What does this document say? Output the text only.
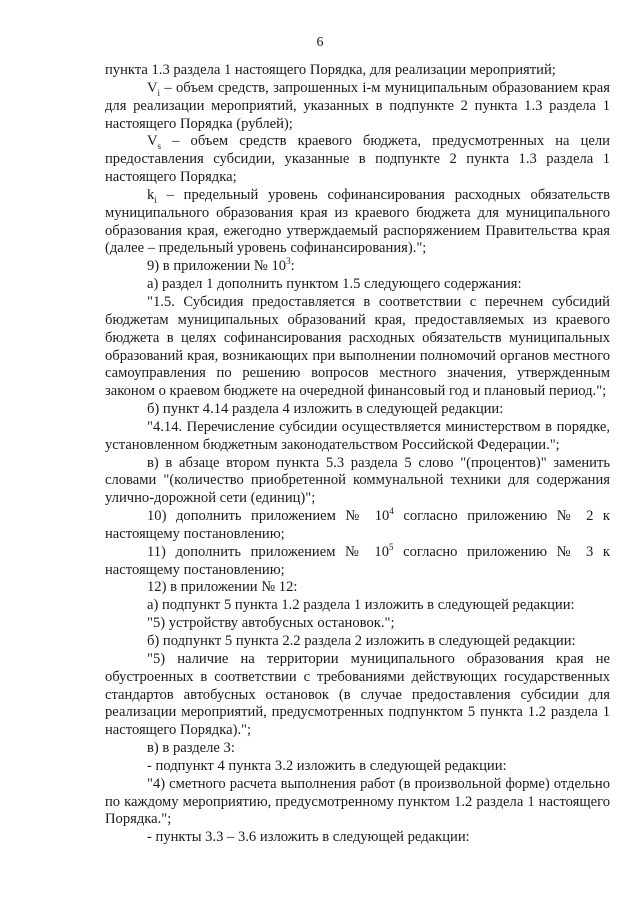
6

пункта 1.3 раздела 1 настоящего Порядка, для реализации мероприятий;

$V_i$ – объем средств, запрошенных i-м муниципальным образованием края для реализации мероприятий, указанных в подпункте 2 пункта 1.3 раздела 1 настоящего Порядка (рублей);

$V_s$ – объем средств краевого бюджета, предусмотренных на цели предоставления субсидии, указанные в подпункте 2 пункта 1.3 раздела 1 настоящего Порядка;

$k_i$ – предельный уровень софинансирования расходных обязательств муниципального образования края из краевого бюджета для муниципального образования края, ежегодно утверждаемый распоряжением Правительства края (далее – предельный уровень софинансирования).";

9) в приложении № $10^3$:

а) раздел 1 дополнить пунктом 1.5 следующего содержания:

"1.5. Субсидия предоставляется в соответствии с перечнем субсидий бюджетам муниципальных образований края, предоставляемых из краевого бюджета в целях софинансирования расходных обязательств муниципальных образований края, возникающих при выполнении полномочий органов местного самоуправления по решению вопросов местного значения, утвержденным законом о краевом бюджете на очередной финансовый год и плановый период.";

б) пункт 4.14 раздела 4 изложить в следующей редакции:

"4.14. Перечисление субсидии осуществляется министерством в порядке, установленном бюджетным законодательством Российской Федерации.";

в) в абзаце втором пункта 5.3 раздела 5 слово "(процентов)" заменить словами "(количество приобретенной коммунальной техники для содержания улично-дорожной сети (единиц)";

10) дополнить приложением № $10^4$ согласно приложению № 2 к настоящему постановлению;

11) дополнить приложением № $10^5$ согласно приложению № 3 к настоящему постановлению;

12) в приложении № 12:

а) подпункт 5 пункта 1.2 раздела 1 изложить в следующей редакции:

"5) устройству автобусных остановок.";

б) подпункт 5 пункта 2.2 раздела 2 изложить в следующей редакции:

"5) наличие на территории муниципального образования края не обустроенных в соответствии с требованиями действующих государственных стандартов автобусных остановок (в случае предоставления субсидии для реализации мероприятий, предусмотренных подпунктом 5 пункта 1.2 раздела 1 настоящего Порядка).";

в) в разделе 3:

- подпункт 4 пункта 3.2 изложить в следующей редакции:

"4) сметного расчета выполнения работ (в произвольной форме) отдельно по каждому мероприятию, предусмотренному пунктом 1.2 раздела 1 настоящего Порядка.";

- пункты 3.3 – 3.6 изложить в следующей редакции:
